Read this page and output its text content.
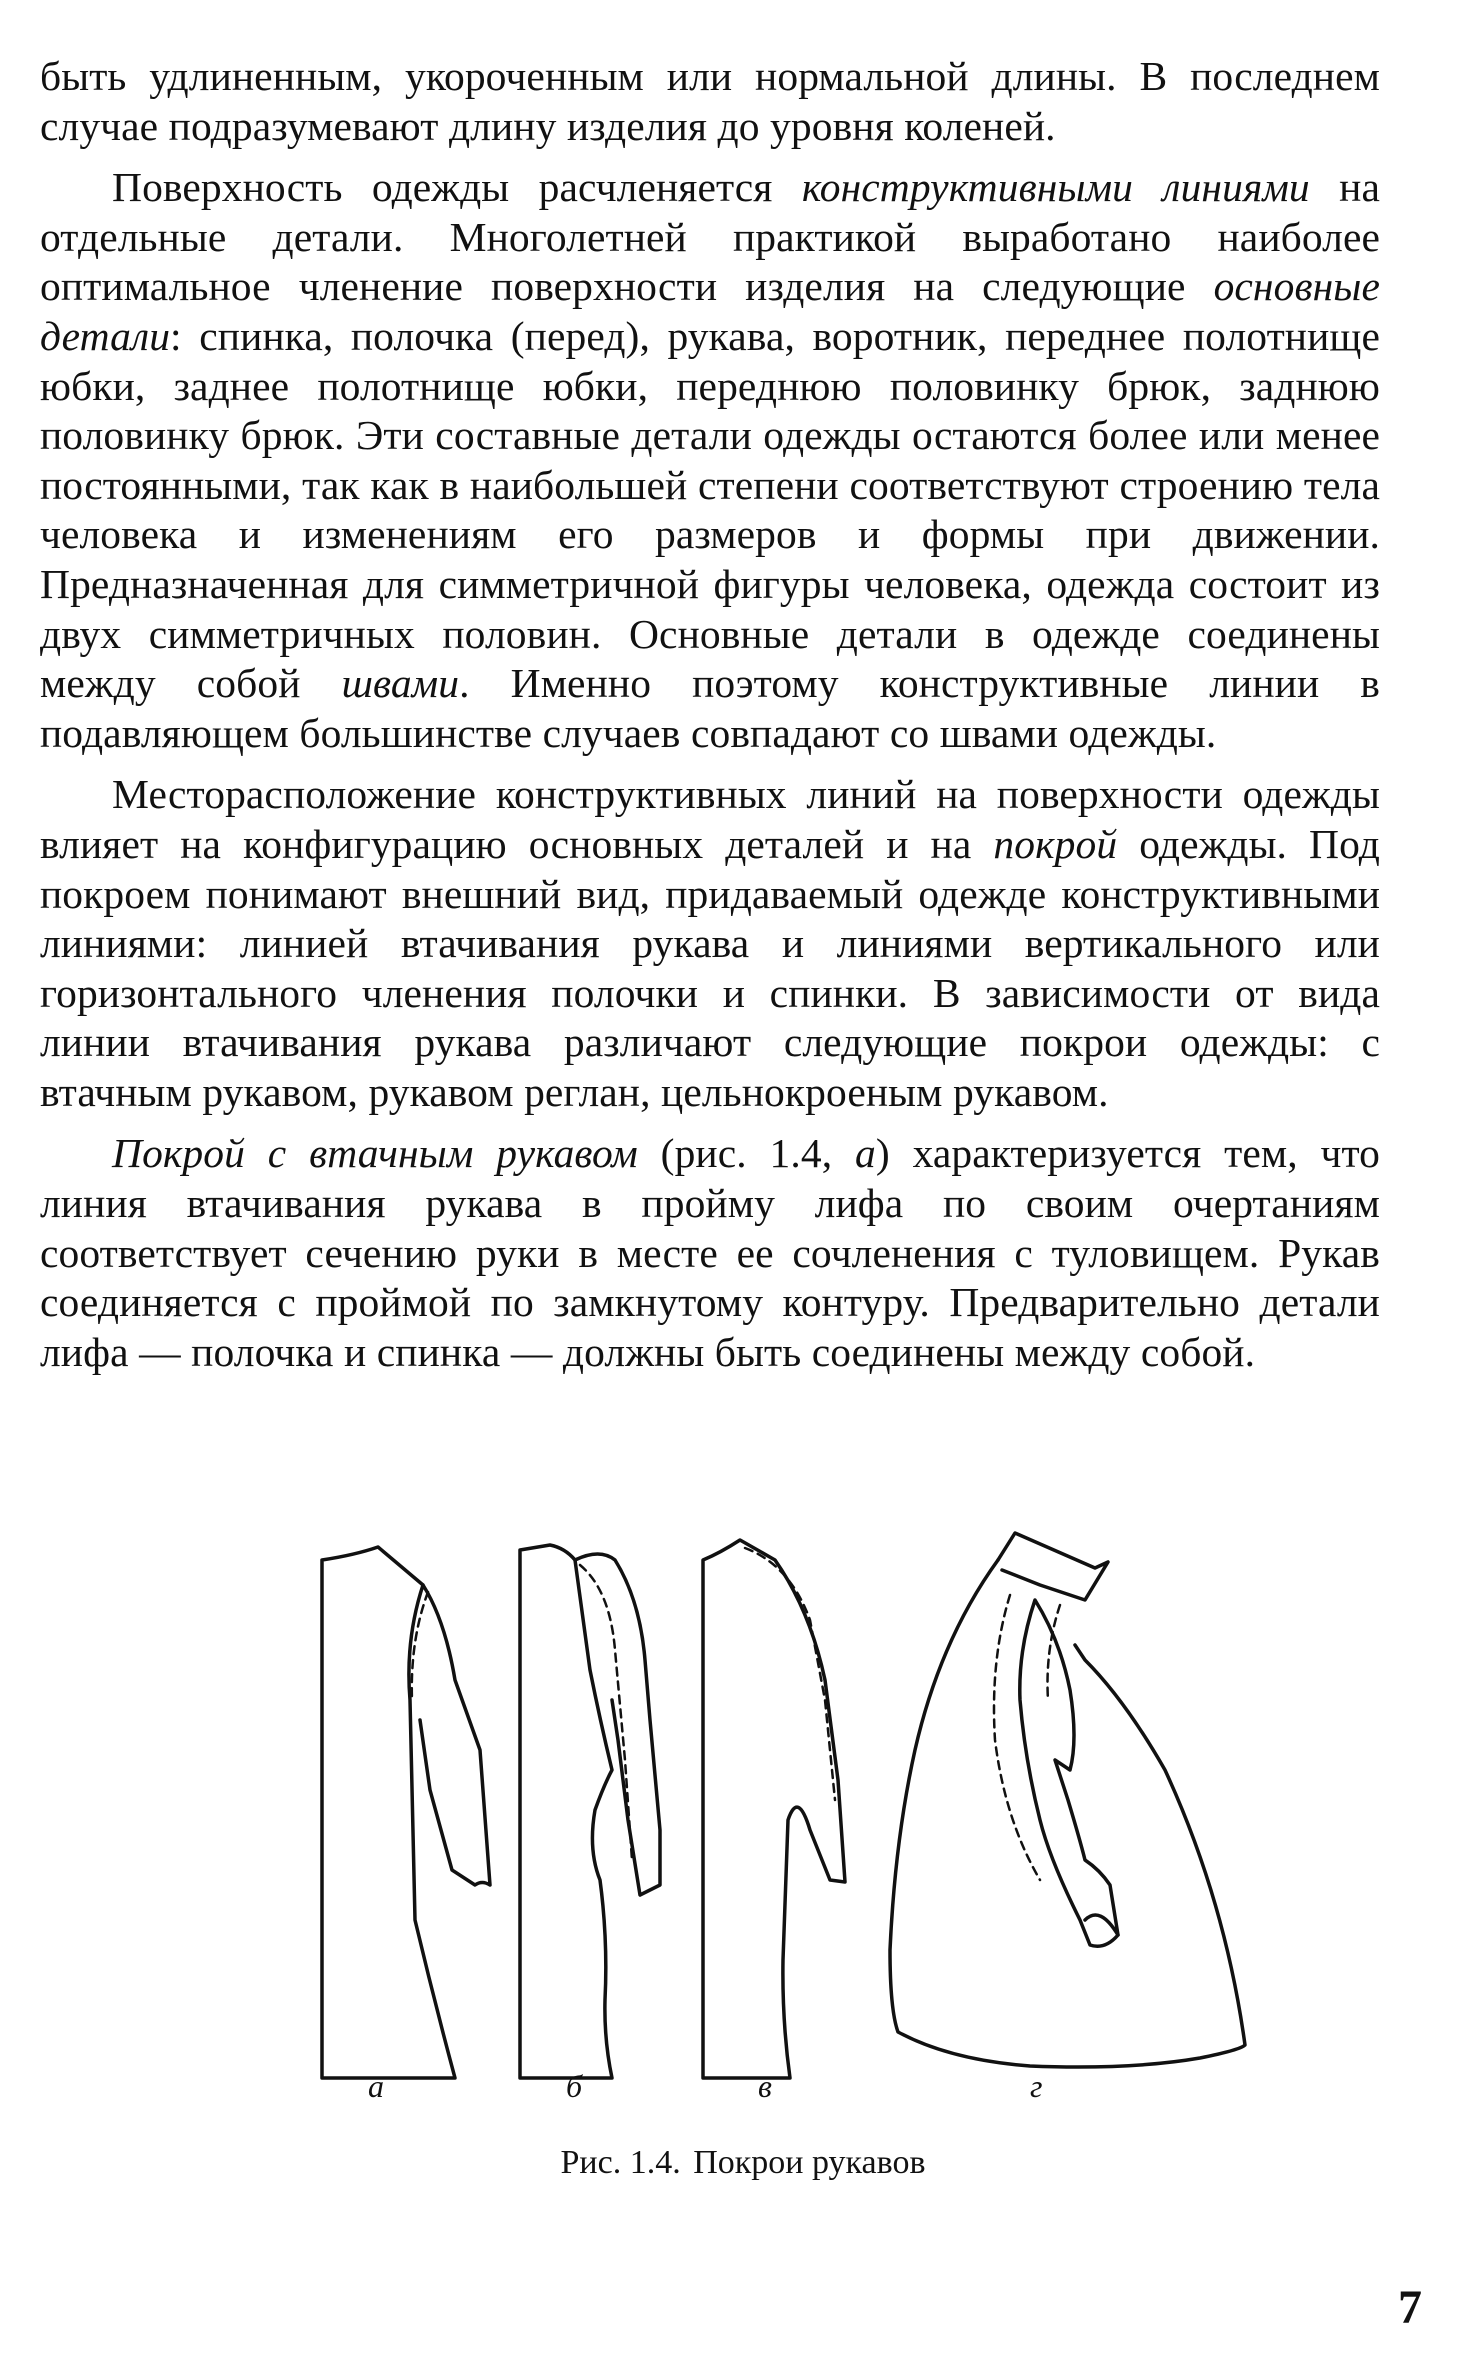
быть удлиненным, укороченным или нормальной длины. В последнем случае подразумевают длину изделия до уровня коленей.

Поверхность одежды расчленяется конструктивными линиями на отдельные детали. Многолетней практикой выработано наиболее оптимальное членение поверхности изделия на следующие основные детали: спинка, полочка (перед), рукава, воротник, переднее полотнище юбки, заднее полотнище юбки, переднюю половинку брюк, заднюю половинку брюк. Эти составные детали одежды остаются более или менее постоянными, так как в наибольшей степени соответствуют строению тела человека и изменениям его размеров и формы при движении. Предназначенная для симметричной фигуры человека, одежда состоит из двух симметричных половин. Основные детали в одежде соединены между собой швами. Именно поэтому конструктивные линии в подавляющем большинстве случаев совпадают со швами одежды.

Месторасположение конструктивных линий на поверхности одежды влияет на конфигурацию основных деталей и на покрой одежды. Под покроем понимают внешний вид, придаваемый одежде конструктивными линиями: линией втачивания рукава и линиями вертикального или горизонтального членения полочки и спинки. В зависимости от вида линии втачивания рукава различают следующие покрои одежды: с втачным рукавом, рукавом реглан, цельнокроеным рукавом.

Покрой с втачным рукавом (рис. 1.4, а) характеризуется тем, что линия втачивания рукава в пройму лифа по своим очертаниям соответствует сечению руки в месте ее сочленения с туловищем. Рукав соединяется с проймой по замкнутому контуру. Предварительно детали лифа — полочка и спинка — должны быть соединены между собой.

а	б	в	г
Рис. 1.4. Покрои рукавов
7
